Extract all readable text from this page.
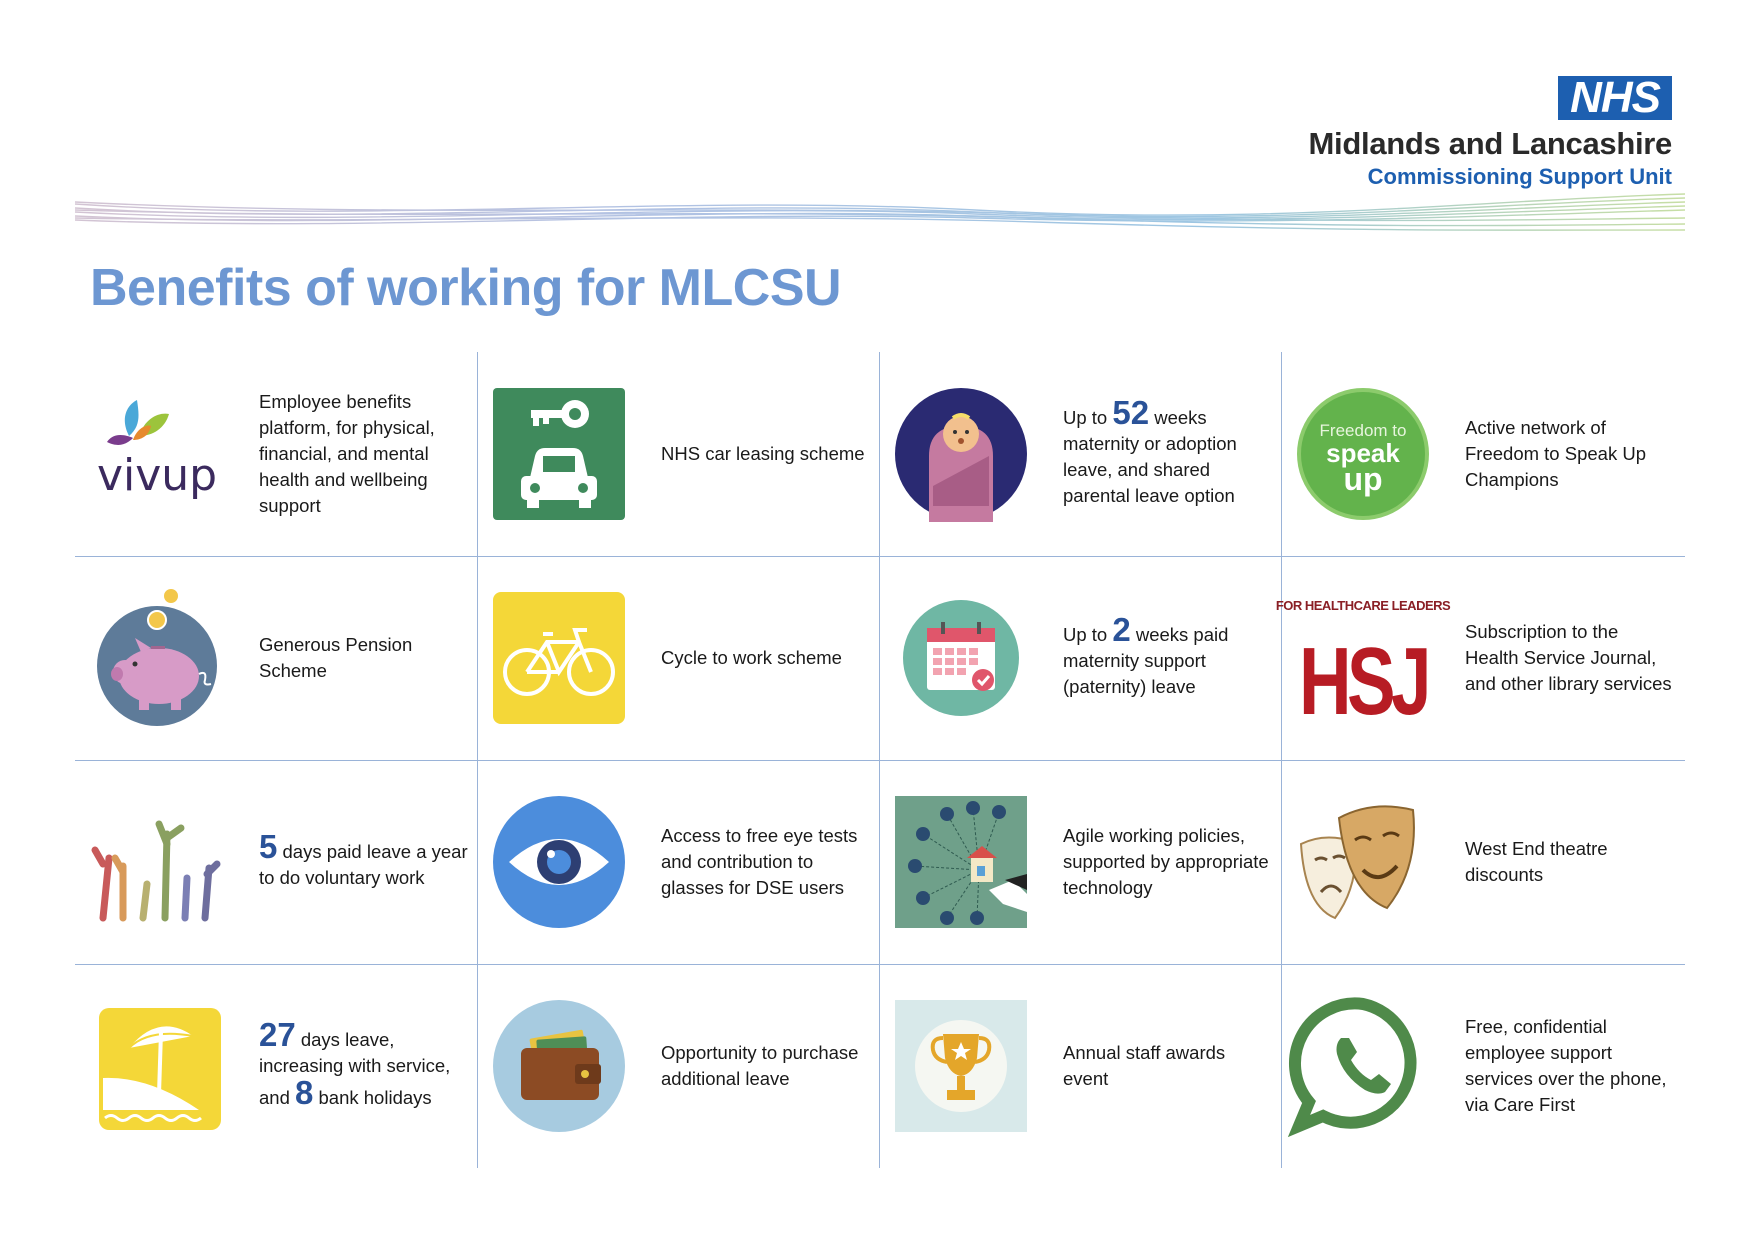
NHS
Midlands and Lancashire
Commissioning Support Unit
Benefits of working for MLCSU
vivup
Employee benefits platform, for physical, financial, and mental health and wellbeing support
NHS car leasing scheme
Up to 52 weeks maternity or adoption leave, and shared parental leave option
Freedom to
speak
up
Active network of Freedom to Speak Up Champions
Generous Pension Scheme
Cycle to work scheme
Up to 2 weeks paid maternity support (paternity) leave
FOR HEALTHCARE LEADERS
HSJ Subscription to the Health Service Journal, and other library services
5 days paid leave a year to do voluntary work
Access to free eye tests and contribution to glasses for DSE users
Agile working policies, supported by appropriate technology
West End theatre discounts
27 days leave, increasing with service, and 8 bank holidays
Opportunity to purchase additional leave
Annual staff awards event
Free, confidential employee support services over the phone, via Care First
